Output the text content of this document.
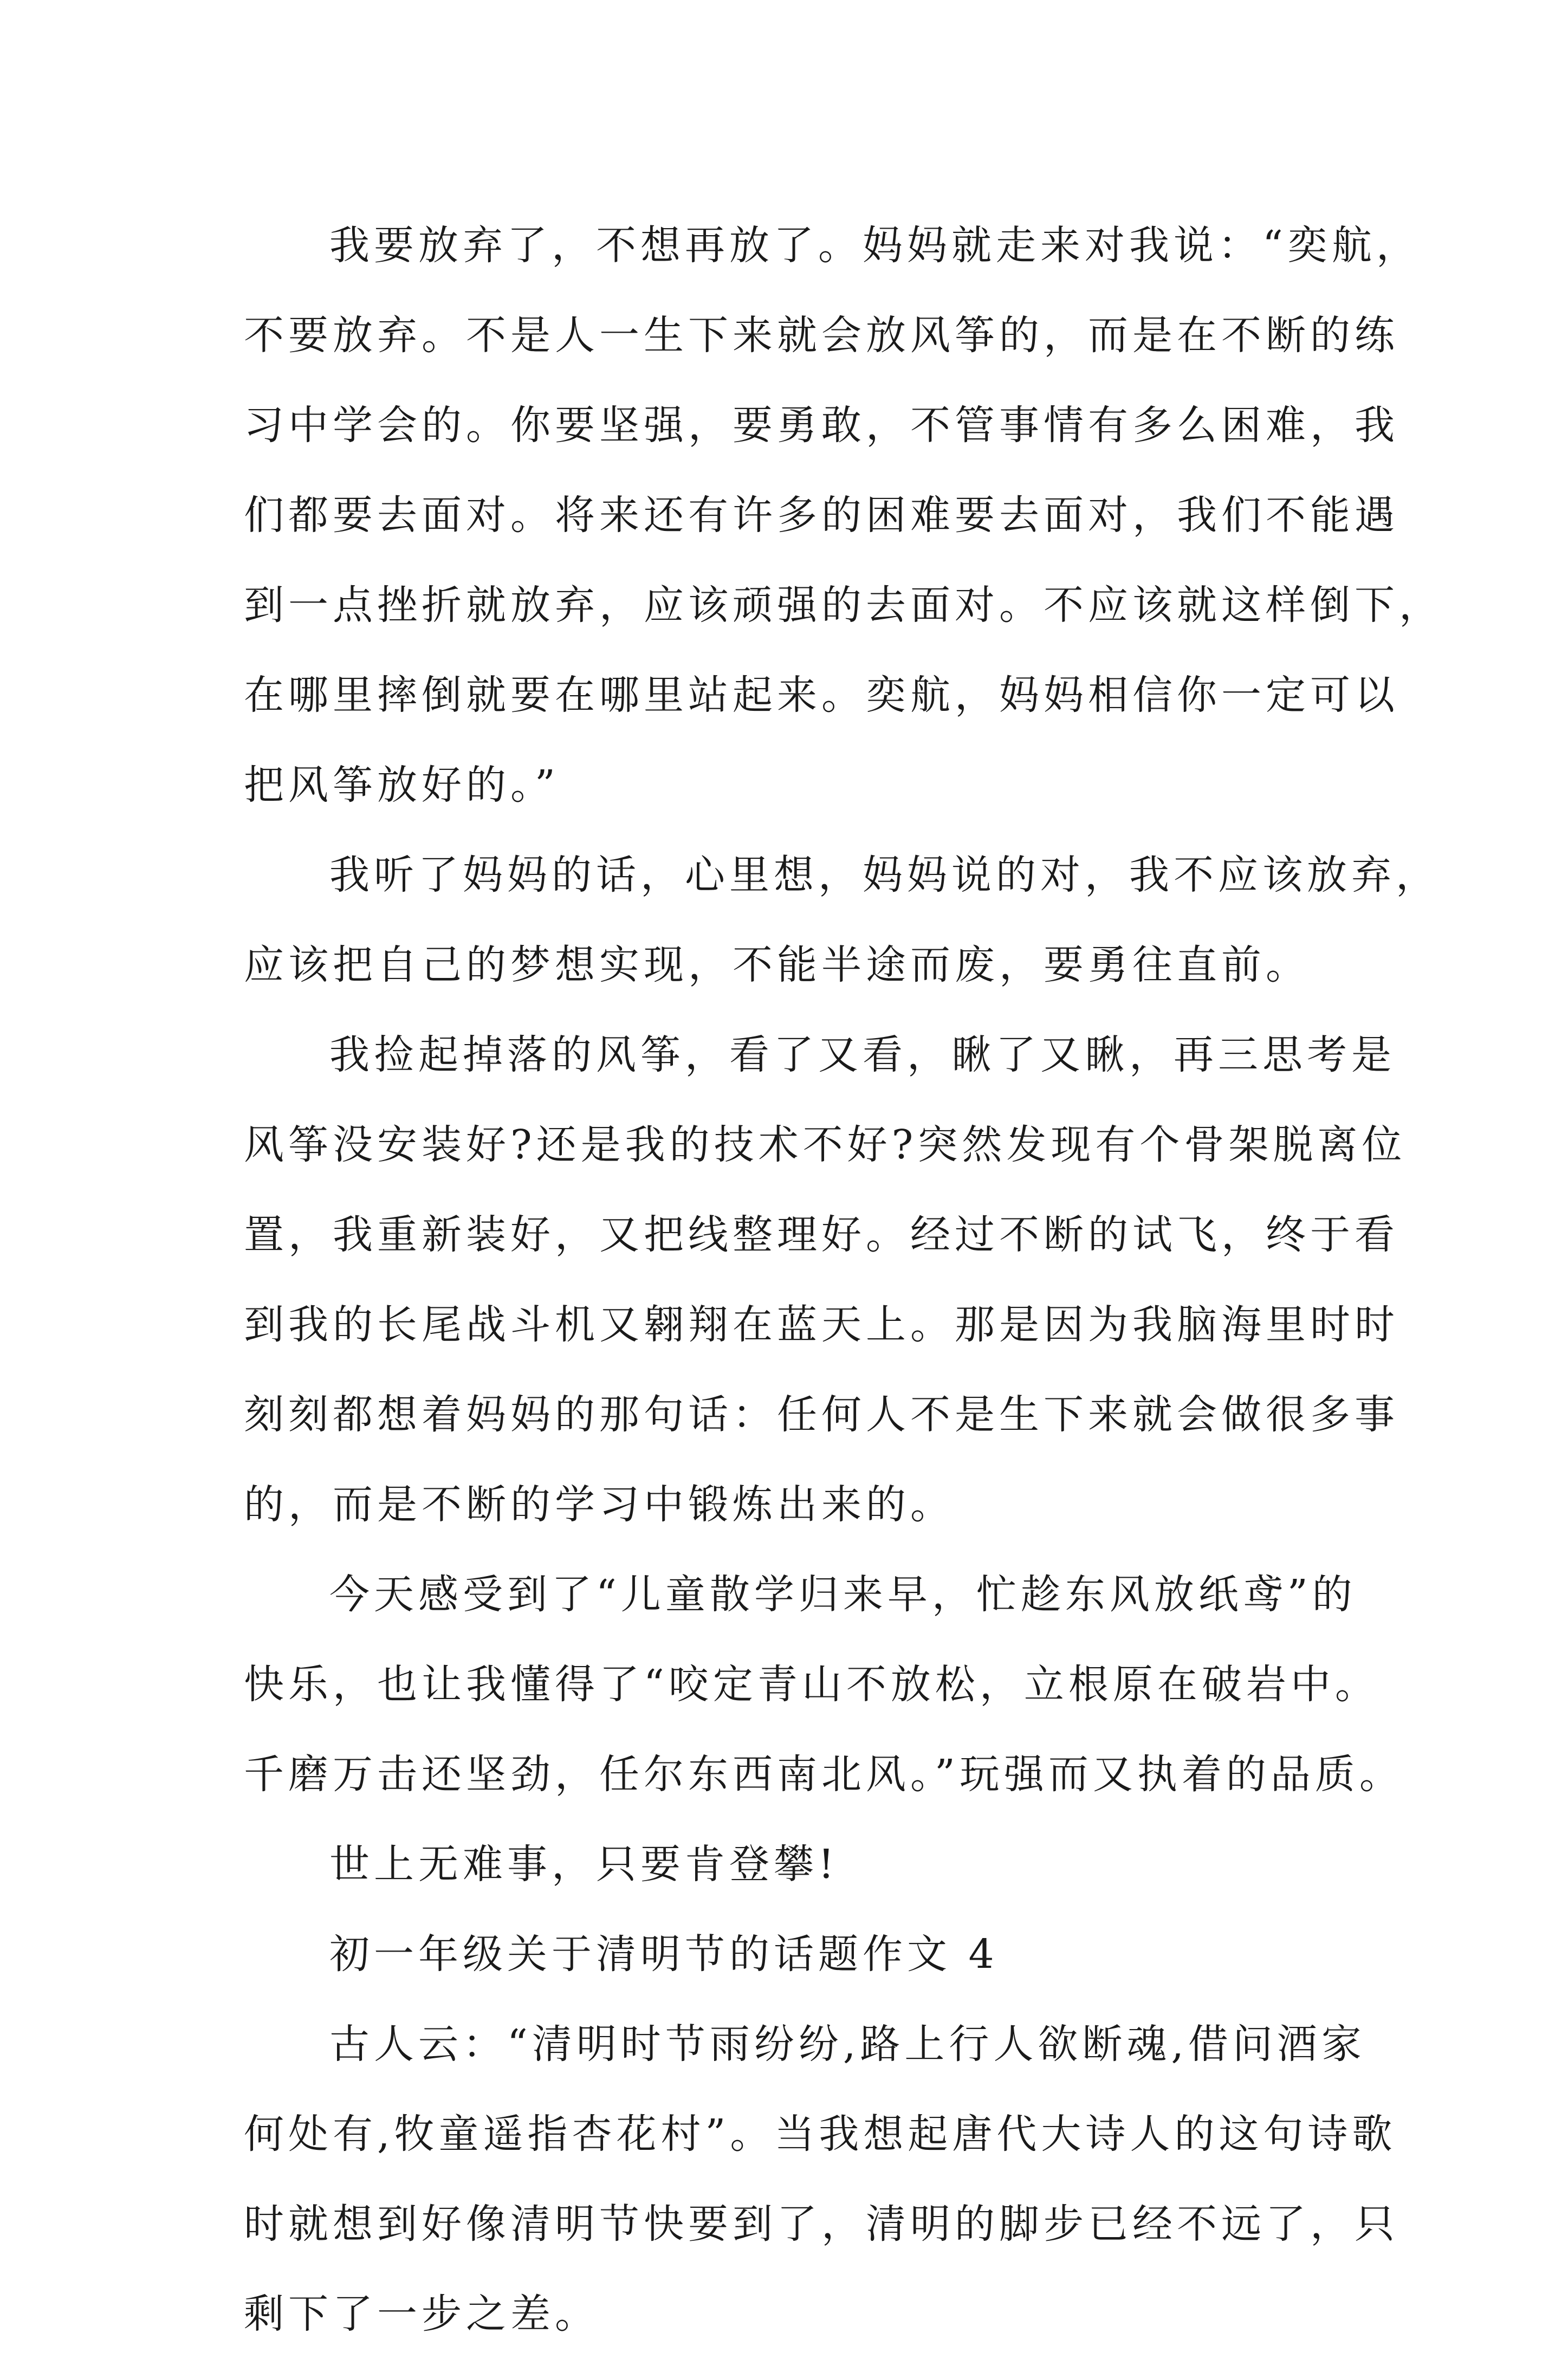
我要放弃了，不想再放了。妈妈就走来对我说：“奕航，
不要放弃。不是人一生下来就会放风筝的，而是在不断的练
习中学会的。你要坚强，要勇敢，不管事情有多么困难，我
们都要去面对。将来还有许多的困难要去面对，我们不能遇
到一点挫折就放弃，应该顽强的去面对。不应该就这样倒下，
在哪里摔倒就要在哪里站起来。奕航，妈妈相信你一定可以
把风筝放好的。”
我听了妈妈的话，心里想，妈妈说的对，我不应该放弃，
应该把自己的梦想实现，不能半途而废，要勇往直前。
我捡起掉落的风筝，看了又看，瞅了又瞅，再三思考是
风筝没安装好?还是我的技术不好?突然发现有个骨架脱离位
置，我重新装好，又把线整理好。经过不断的试飞，终于看
到我的长尾战斗机又翱翔在蓝天上。那是因为我脑海里时时
刻刻都想着妈妈的那句话：任何人不是生下来就会做很多事
的，而是不断的学习中锻炼出来的。
今天感受到了“儿童散学归来早，忙趁东风放纸鸢”的
快乐，也让我懂得了“咬定青山不放松，立根原在破岩中。
千磨万击还坚劲，任尔东西南北风。”玩强而又执着的品质。
世上无难事，只要肯登攀!
初一年级关于清明节的话题作文 4
古人云：“清明时节雨纷纷,路上行人欲断魂,借问酒家
何处有,牧童遥指杏花村”。当我想起唐代大诗人的这句诗歌
时就想到好像清明节快要到了，清明的脚步已经不远了，只
剩下了一步之差。
